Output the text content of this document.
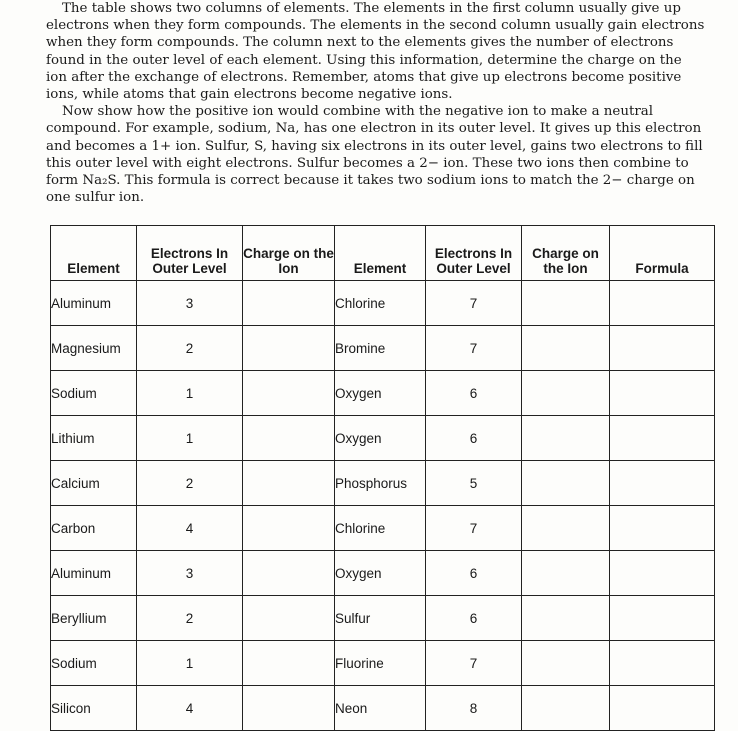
The table shows two columns of elements. The elements in the first column usually give up electrons when they form compounds. The elements in the second column usually gain electrons when they form compounds. The column next to the elements gives the number of electrons found in the outer level of each element. Using this information, determine the charge on the ion after the exchange of electrons. Remember, atoms that give up electrons become positive ions, while atoms that gain electrons become negative ions.

Now show how the positive ion would combine with the negative ion to make a neutral compound. For example, sodium, Na, has one electron in its outer level. It gives up this electron and becomes a 1+ ion. Sulfur, S, having six electrons in its outer level, gains two electrons to fill this outer level with eight electrons. Sulfur becomes a 2− ion. These two ions then combine to form Na₂S. This formula is correct because it takes two sodium ions to match the 2− charge on one sulfur ion.

Element	Electrons In Outer Level	Charge on the Ion	Element	Electrons In Outer Level	Charge on the Ion	Formula
Aluminum	3		Chlorine	7		
Magnesium	2		Bromine	7		
Sodium	1		Oxygen	6		
Lithium	1		Oxygen	6		
Calcium	2		Phosphorus	5		
Carbon	4		Chlorine	7		
Aluminum	3		Oxygen	6		
Beryllium	2		Sulfur	6		
Sodium	1		Fluorine	7		
Silicon	4		Neon	8		
